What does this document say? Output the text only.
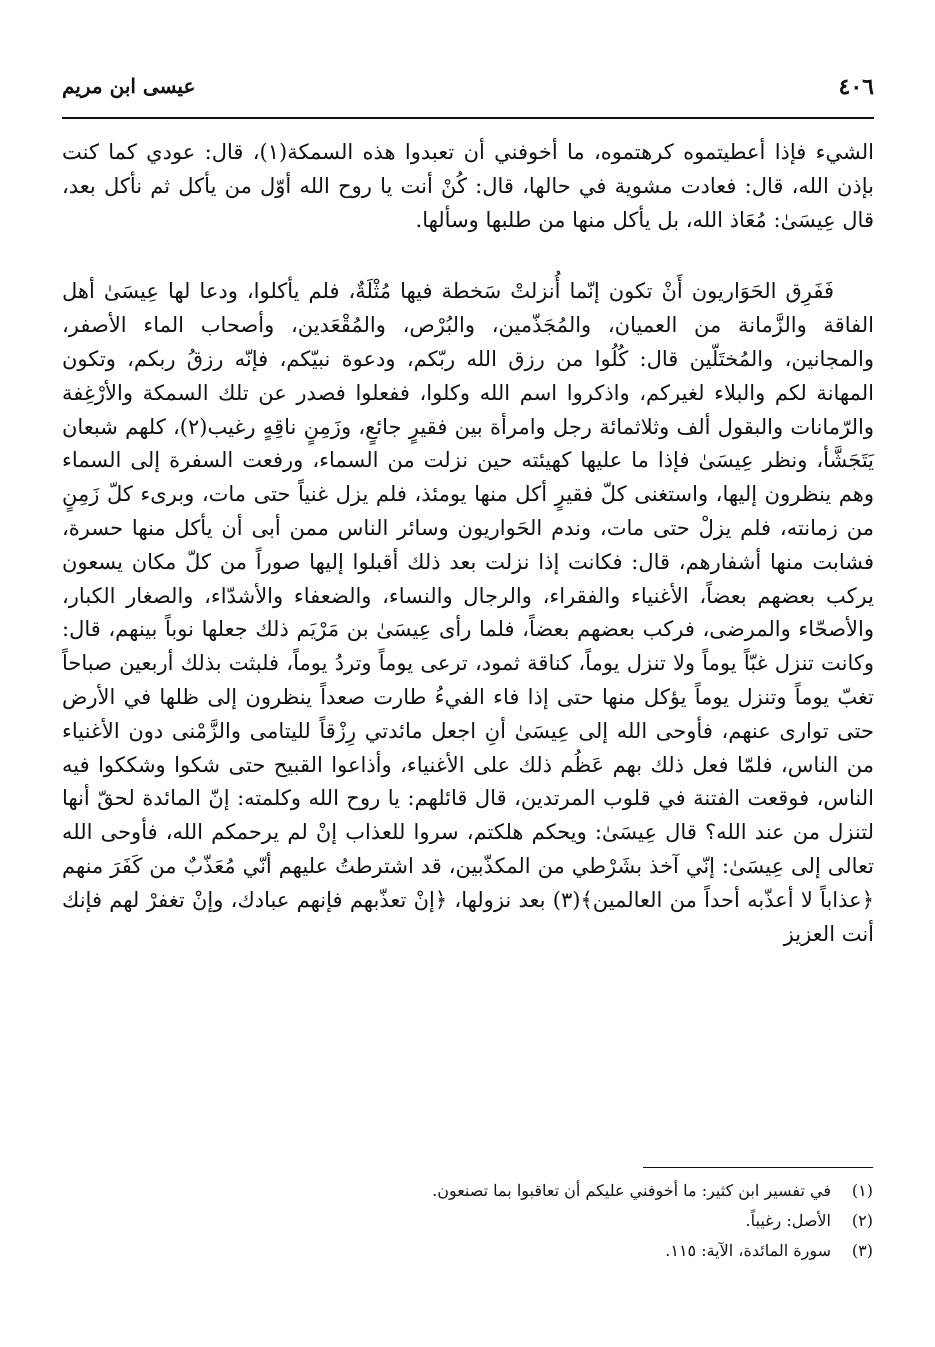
٤٠٦
عيسى ابن مريم

الشيء فإذا أعطيتموه كرهتموه، ما أخوفني أن تعبدوا هذه السمكة(١)، قال: عودي كما كنت بإذن الله، قال: فعادت مشوية في حالها، قال: كُنْ أنت يا روح الله أوّل من يأكل ثم نأكل بعد، قال عِيسَىٰ: مُعَاذ الله، بل يأكل منها من طلبها وسألها.

فَفَرِق الحَوَاريون أَنْ تكون إنّما أُنزلتْ سَخطة فيها مُثْلَةٌ، فلم يأكلوا، ودعا لها عِيسَىٰ أهل الفاقة والزَّمانة من العميان، والمُجَذّمين، والبُرْص، والمُقْعَدين، وأصحاب الماء الأصفر، والمجانين، والمُختَلّين قال: كُلُوا من رزق الله ربّكم، ودعوة نبيّكم، فإنّه رزقُ ربكم، وتكون المهانة لكم والبلاء لغيركم، واذكروا اسم الله وكلوا، ففعلوا فصدر عن تلك السمكة والأرْغِفة والرّمانات والبقول ألف وثلاثمائة رجل وامرأة بين فقيرٍ جائعٍ، وزَمِنٍ ناقِهٍ رغيب(٢)، كلهم شبعان يَتَجَشَّأ، ونظر عِيسَىٰ فإذا ما عليها كهيئته حين نزلت من السماء، ورفعت السفرة إلى السماء وهم ينظرون إليها، واستغنى كلّ فقيرٍ أكل منها يومئذ، فلم يزل غنياً حتى مات، وبرىء كلّ زَمِنٍ من زمانته، فلم يزلْ حتى مات، وندم الحَواريون وسائر الناس ممن أبى أن يأكل منها حسرة، فشابت منها أشفارهم، قال: فكانت إذا نزلت بعد ذلك أقبلوا إليها صوراً من كلّ مكان يسعون يركب بعضهم بعضاً، الأغنياء والفقراء، والرجال والنساء، والضعفاء والأشدّاء، والصغار الكبار، والأصحّاء والمرضى، فركب بعضهم بعضاً، فلما رأى عِيسَىٰ بن مَرْيَم ذلك جعلها نوباً بينهم، قال: وكانت تنزل غبّاً يوماً ولا تنزل يوماً، كناقة ثمود، ترعى يوماً وتردُ يوماً، فلبثت بذلك أربعين صباحاً تغبّ يوماً وتنزل يوماً يؤكل منها حتى إذا فاء الفيءُ طارت صعداً ينظرون إلى ظلها في الأرض حتى توارى عنهم، فأوحى الله إلى عِيسَىٰ أنِ اجعل مائدتي رِزْقاً لليتامى والزَّمْنى دون الأغنياء من الناس، فلمّا فعل ذلك بهم عَظُم ذلك على الأغنياء، وأذاعوا القبيح حتى شكوا وشككوا فيه الناس، فوقعت الفتنة في قلوب المرتدين، قال قائلهم: يا روح الله وكلمته: إنّ المائدة لحقّ أنها لتنزل من عند الله؟ قال عِيسَىٰ: ويحكم هلكتم، سروا للعذاب إنْ لم يرحمكم الله، فأوحى الله تعالى إلى عِيسَىٰ: إنّي آخذ بشَرْطي من المكذّبين، قد اشترطتُ عليهم أنّي مُعَذّبٌ من كَفَرَ منهم ﴿عذاباً لا أعذّبه أحداً من العالمين﴾(٣) بعد نزولها، ﴿إنْ تعذّبهم فإنهم عبادك، وإنْ تغفرْ لهم فإنك أنت العزيز

(١)في تفسير ابن كثير: ما أخوفني عليكم أن تعاقبوا بما تصنعون.
(٢)الأصل: رغيباً.
(٣)سورة المائدة، الآية: ١١٥.
